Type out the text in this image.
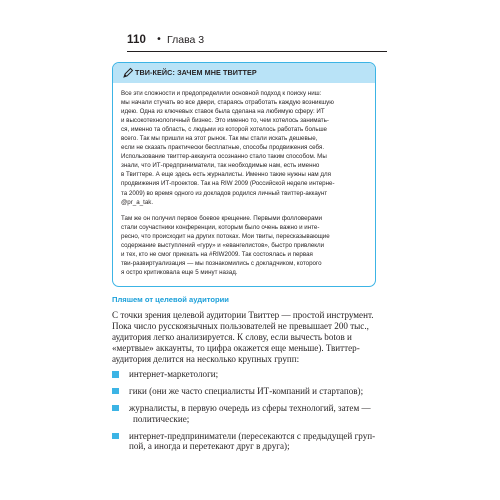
110 • Глава 3
ТВИ-КЕЙС: ЗАЧЕМ МНЕ ТВИТТЕР
Все эти сложности и предопределили основной подход к поиску ниш:
мы начали стучать во все двери, стараясь отработать каждую возникшую
идею. Одна из ключевых ставок была сделана на любимую сферу: ИТ
и высокотехнологичный бизнес. Это именно то, чем хотелось занимать-
ся, именно та область, с людьми из которой хотелось работать больше
всего. Так мы пришли на этот рынок. Так мы стали искать дешевые,
если не сказать практически бесплатные, способы продвижения себя.
Использование твиттер-аккаунта осознанно стало таким способом. Мы
знали, что ИТ-предприниматели, так необходимые нам, есть именно
в Твиттере. А еще здесь есть журналисты. Именно такие нужны нам для
продвижения ИТ-проектов. Так на RIW 2009 (Российской неделе интерне-
та 2009) во время одного из докладов родился личный твиттер-аккаунт
@pr_a_tak.
Там же он получил первое боевое крещение. Первыми фолловерами
стали соучастники конференции, которым было очень важно и инте-
ресно, что происходит на других потоках. Мои твиты, пересказывающие
содержание выступлений «гуру» и «евангелистов», быстро привлекли
и тех, кто не смог приехать на #RIW2009. Так состоялась и первая
тви-развиртуализация — мы познакомились с докладчиком, которого
я остро критиковала еще 5 минут назад.
Пляшем от целевой аудитории
С точки зрения целевой аудитории Твиттер — простой инструмент.
Пока число русскоязычных пользователей не превышает 200 тыс.,
аудитория легко анализируется. К слову, если вычесть botов и
«мертвые» аккаунты, то цифра окажется еще меньше). Твиттер-
аудитория делится на несколько крупных групп:
интернет-маркетологи;
гики (они же часто специалисты ИТ-компаний и стартапов);
журналисты, в первую очередь из сферы технологий, затем —
политические;
интернет-предприниматели (пересекаются с предыдущей груп-
пой, а иногда и перетекают друг в друга);
